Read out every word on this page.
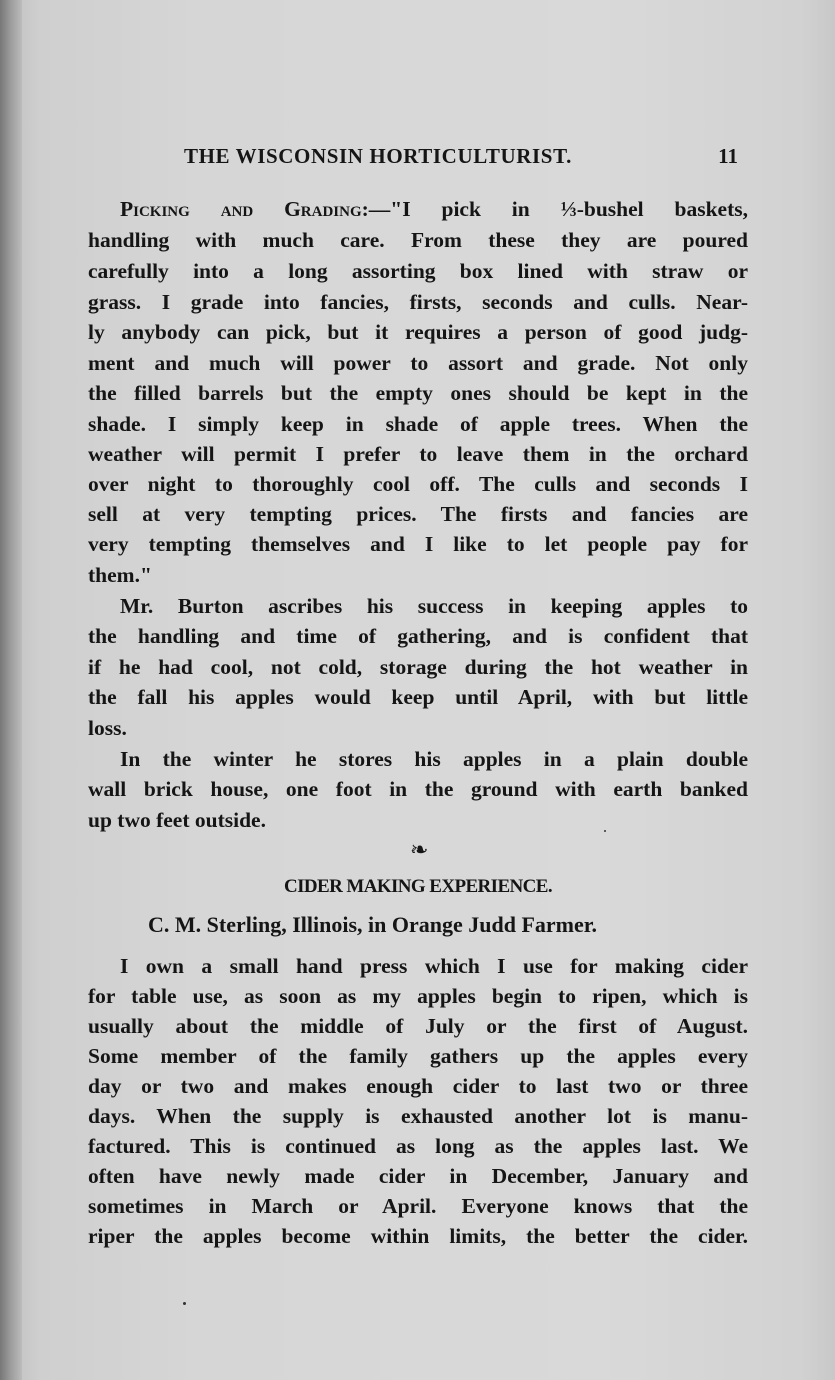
THE WISCONSIN HORTICULTURIST.	11
Picking and Grading:—"I pick in ⅓-bushel baskets,
handling with much care. From these they are poured
carefully into a long assorting box lined with straw or
grass. I grade into fancies, firsts, seconds and culls. Near-
ly anybody can pick, but it requires a person of good judg-
ment and much will power to assort and grade. Not only
the filled barrels but the empty ones should be kept in the
shade. I simply keep in shade of apple trees. When the
weather will permit I prefer to leave them in the orchard
over night to thoroughly cool off. The culls and seconds I
sell at very tempting prices. The firsts and fancies are
very tempting themselves and I like to let people pay for
them."
Mr. Burton ascribes his success in keeping apples to
the handling and time of gathering, and is confident that
if he had cool, not cold, storage during the hot weather in
the fall his apples would keep until April, with but little
loss.
In the winter he stores his apples in a plain double
wall brick house, one foot in the ground with earth banked
up two feet outside.
❧
CIDER MAKING EXPERIENCE.
C. M. Sterling, Illinois, in Orange Judd Farmer.
I own a small hand press which I use for making cider
for table use, as soon as my apples begin to ripen, which is
usually about the middle of July or the first of August.
Some member of the family gathers up the apples every
day or two and makes enough cider to last two or three
days. When the supply is exhausted another lot is manu-
factured. This is continued as long as the apples last. We
often have newly made cider in December, January and
sometimes in March or April. Everyone knows that the
riper the apples become within limits, the better the cider.
